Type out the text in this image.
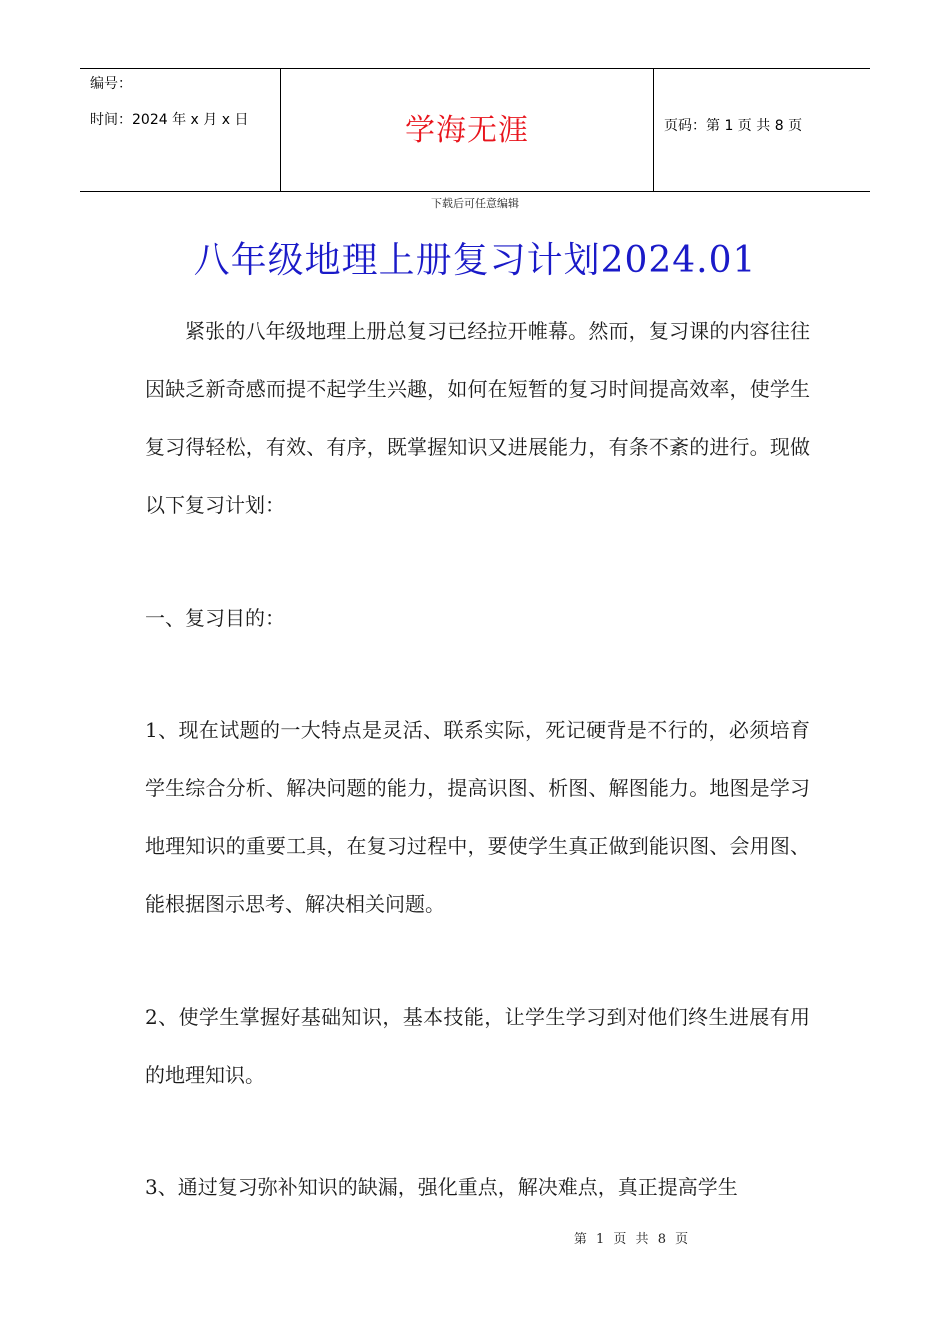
编号：
时间：2024 年 x 月 x 日	学海无涯	页码：第 1 页 共 8 页
下载后可任意编辑
八年级地理上册复习计划2024.01

紧张的八年级地理上册总复习已经拉开帷幕。然而，复习课的内容往往因缺乏新奇感而提不起学生兴趣，如何在短暂的复习时间提高效率，使学生复习得轻松，有效、有序，既掌握知识又进展能力，有条不紊的进行。现做以下复习计划：

一、复习目的：

1、现在试题的一大特点是灵活、联系实际，死记硬背是不行的，必须培育学生综合分析、解决问题的能力，提高识图、析图、解图能力。地图是学习地理知识的重要工具，在复习过程中，要使学生真正做到能识图、会用图、能根据图示思考、解决相关问题。

2、使学生掌握好基础知识，基本技能，让学生学习到对他们终生进展有用的地理知识。

3、通过复习弥补知识的缺漏，强化重点，解决难点，真正提高学生

第 1 页 共 8 页
